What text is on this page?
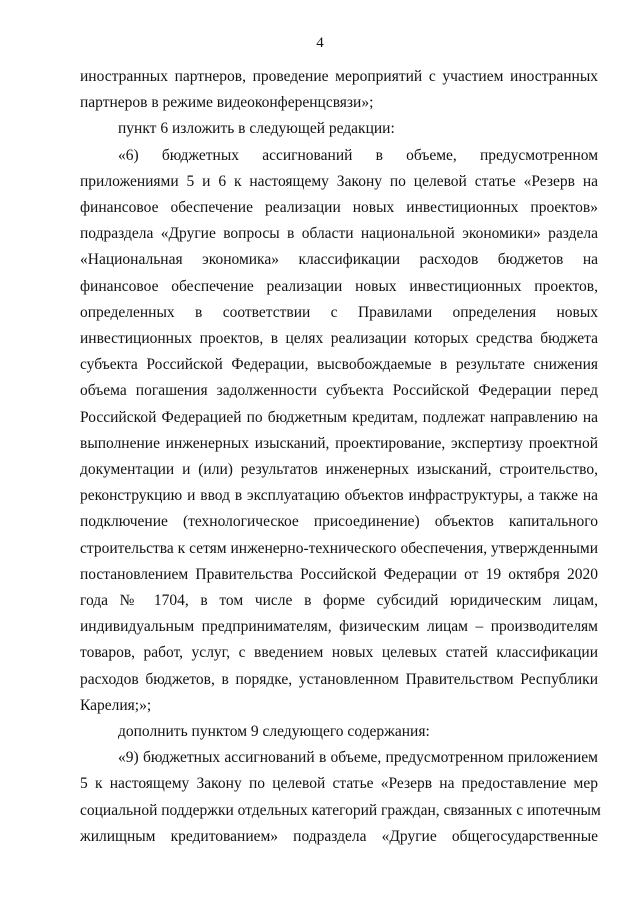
4
иностранных партнеров, проведение мероприятий с участием иностранных
партнеров в режиме видеоконференцсвязи»;
пункт 6 изложить в следующей редакции:
«6) бюджетных ассигнований в объеме, предусмотренном
приложениями 5 и 6 к настоящему Закону по целевой статье «Резерв на
финансовое обеспечение реализации новых инвестиционных проектов»
подраздела «Другие вопросы в области национальной экономики» раздела
«Национальная экономика» классификации расходов бюджетов на
финансовое обеспечение реализации новых инвестиционных проектов,
определенных в соответствии с Правилами определения новых
инвестиционных проектов, в целях реализации которых средства бюджета
субъекта Российской Федерации, высвобождаемые в результате снижения
объема погашения задолженности субъекта Российской Федерации перед
Российской Федерацией по бюджетным кредитам, подлежат направлению на
выполнение инженерных изысканий, проектирование, экспертизу проектной
документации и (или) результатов инженерных изысканий, строительство,
реконструкцию и ввод в эксплуатацию объектов инфраструктуры, а также на
подключение (технологическое присоединение) объектов капитального
строительства к сетям инженерно-технического обеспечения, утвержденными
постановлением Правительства Российской Федерации от 19 октября 2020
года № 1704, в том числе в форме субсидий юридическим лицам,
индивидуальным предпринимателям, физическим лицам – производителям
товаров, работ, услуг, с введением новых целевых статей классификации
расходов бюджетов, в порядке, установленном Правительством Республики
Карелия;»;
дополнить пунктом 9 следующего содержания:
«9) бюджетных ассигнований в объеме, предусмотренном приложением
5 к настоящему Закону по целевой статье «Резерв на предоставление мер
социальной поддержки отдельных категорий граждан, связанных с ипотечным
жилищным кредитованием» подраздела «Другие общегосударственные
